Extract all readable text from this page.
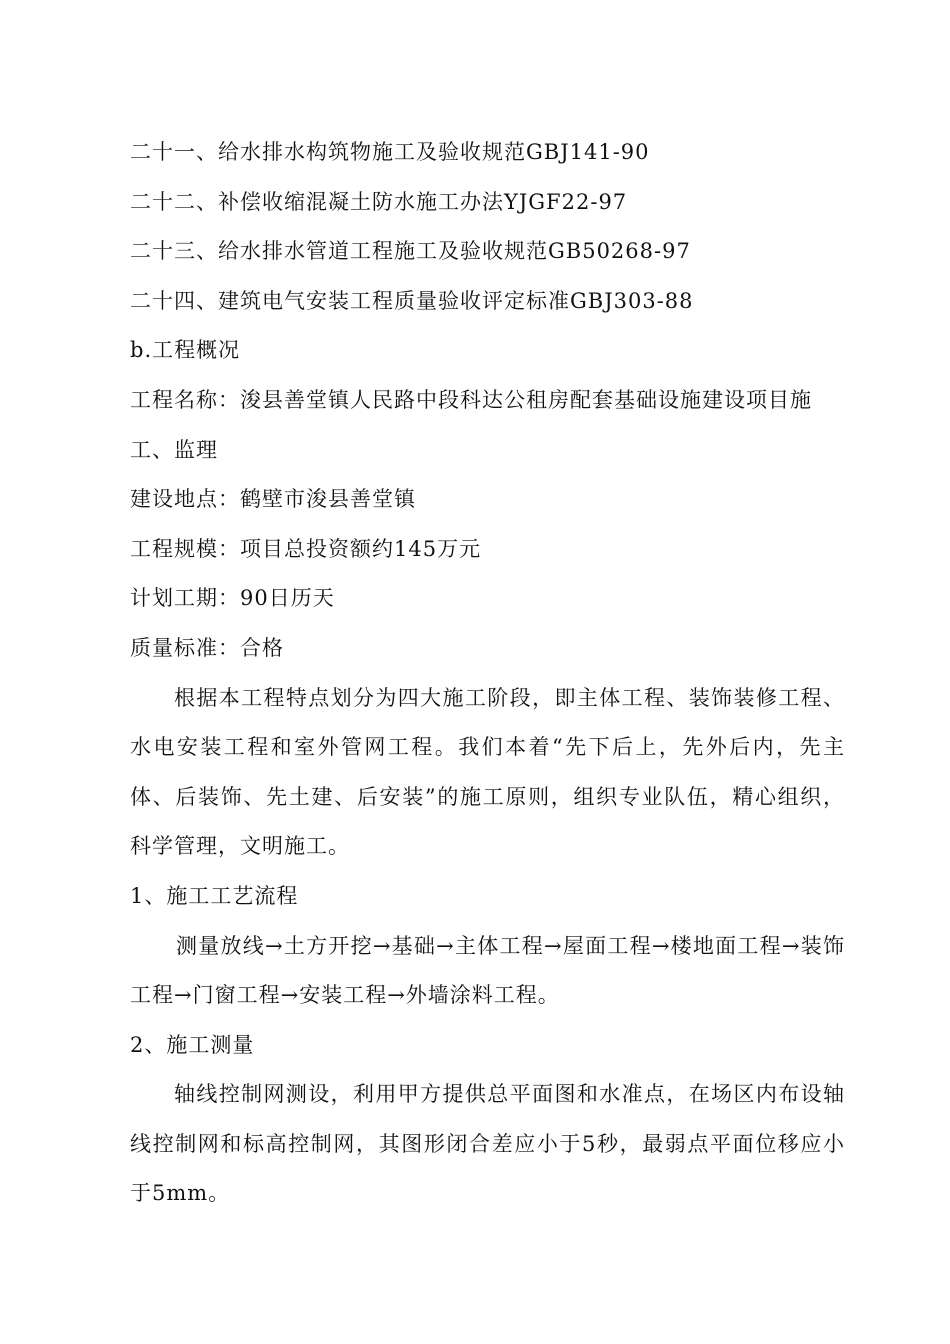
二十一、给水排水构筑物施工及验收规范GBJ141-90
二十二、补偿收缩混凝土防水施工办法YJGF22-97
二十三、给水排水管道工程施工及验收规范GB50268-97
二十四、建筑电气安装工程质量验收评定标准GBJ303-88
b.工程概况
工程名称：浚县善堂镇人民路中段科达公租房配套基础设施建设项目施工、监理
建设地点：鹤壁市浚县善堂镇
工程规模：项目总投资额约145万元
计划工期：90日历天
质量标准：合格
根据本工程特点划分为四大施工阶段，即主体工程、装饰装修工程、水电安装工程和室外管网工程。我们本着“先下后上，先外后内，先主体、后装饰、先土建、后安装”的施工原则，组织专业队伍，精心组织，科学管理，文明施工。
1、施工工艺流程
测量放线→土方开挖→基础→主体工程→屋面工程→楼地面工程→装饰工程→门窗工程→安装工程→外墙涂料工程。
2、施工测量
轴线控制网测设，利用甲方提供总平面图和水准点，在场区内布设轴线控制网和标高控制网，其图形闭合差应小于5秒，最弱点平面位移应小于5mm。
